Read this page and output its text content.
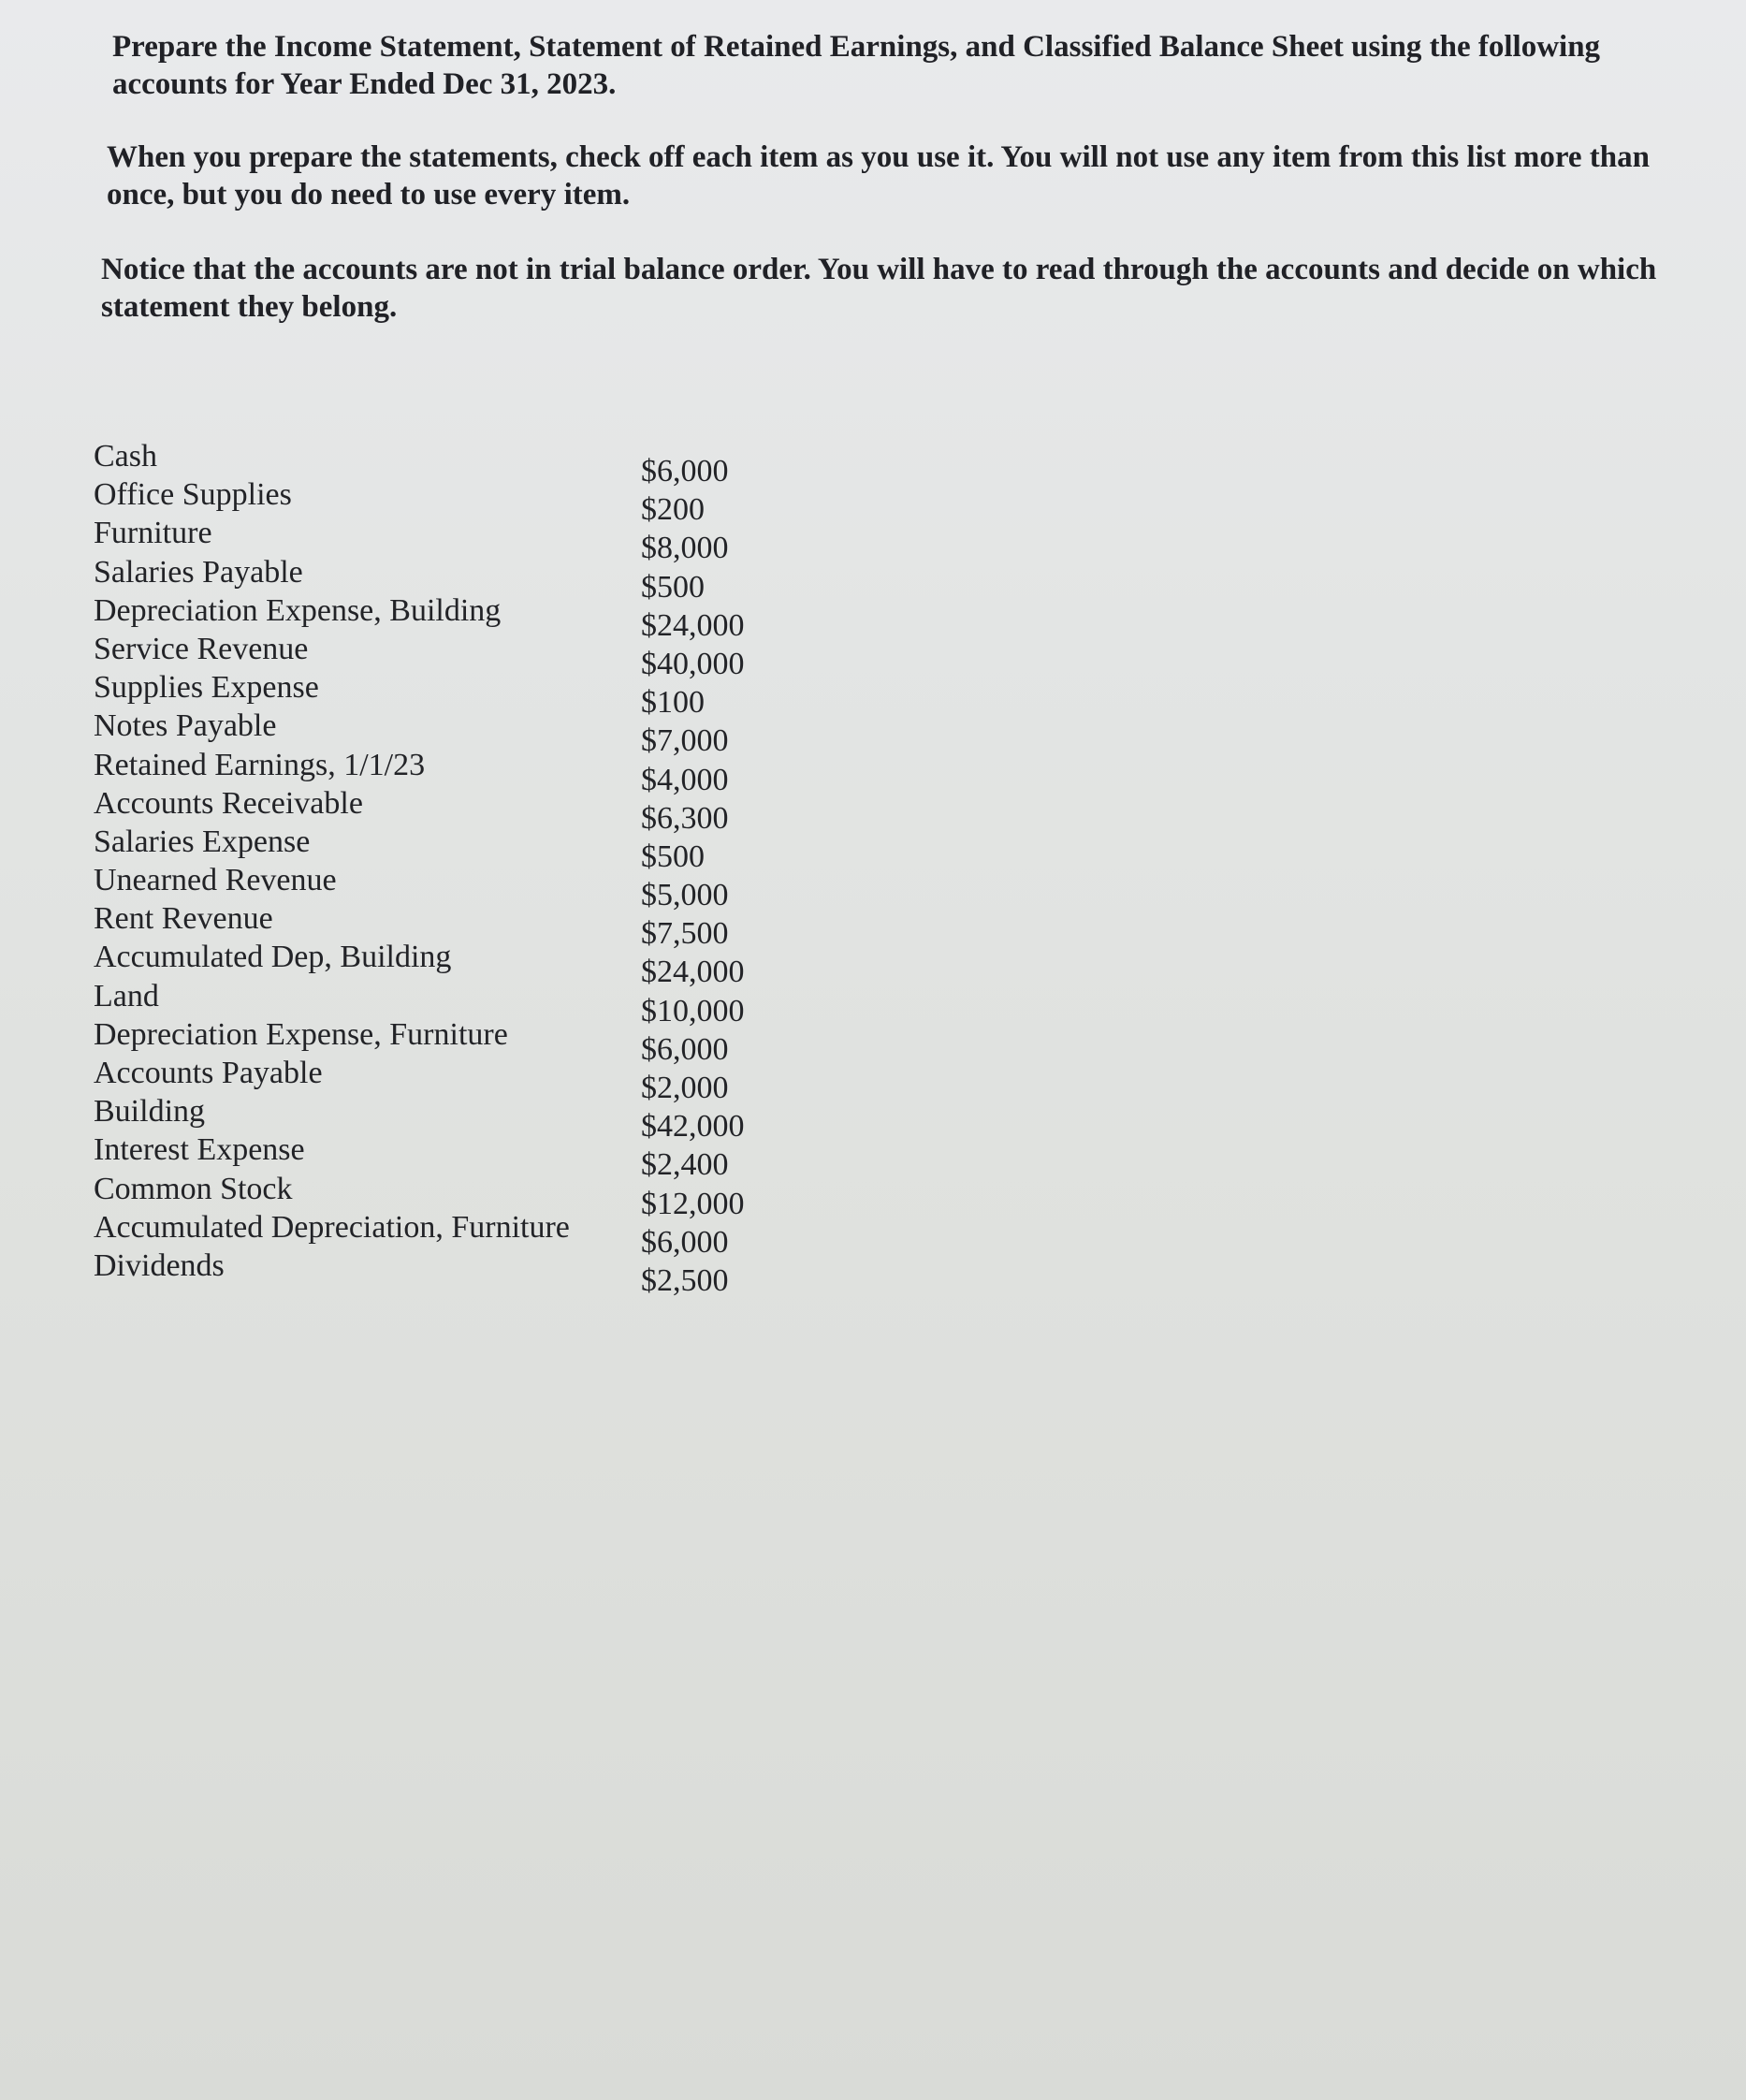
Prepare the Income Statement, Statement of Retained Earnings, and Classified Balance Sheet using the following accounts for Year Ended Dec 31, 2023.

When you prepare the statements, check off each item as you use it. You will not use any item from this list more than once, but you do need to use every item.

Notice that the accounts are not in trial balance order. You will have to read through the accounts and decide on which statement they belong.

Cash	$6,000
Office Supplies	$200
Furniture	$8,000
Salaries Payable	$500
Depreciation Expense, Building	$24,000
Service Revenue	$40,000
Supplies Expense	$100
Notes Payable	$7,000
Retained Earnings, 1/1/23	$4,000
Accounts Receivable	$6,300
Salaries Expense	$500
Unearned Revenue	$5,000
Rent Revenue	$7,500
Accumulated Dep, Building	$24,000
Land	$10,000
Depreciation Expense, Furniture	$6,000
Accounts Payable	$2,000
Building	$42,000
Interest Expense	$2,400
Common Stock	$12,000
Accumulated Depreciation, Furniture $6,000
Dividends	$2,500
